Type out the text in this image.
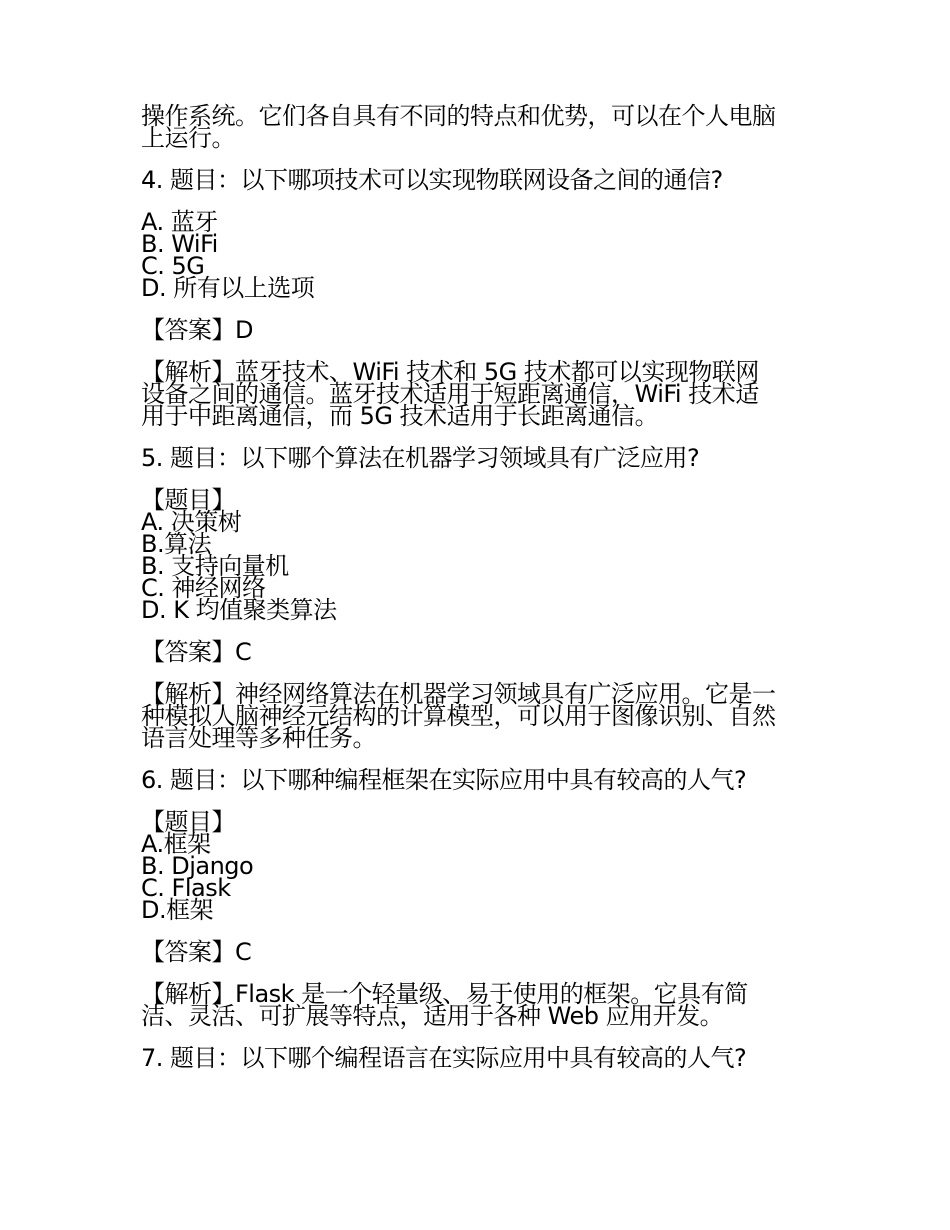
操作系统。它们各自具有不同的特点和优势，可以在个人电脑
上运行。
4. 题目：以下哪项技术可以实现物联网设备之间的通信?
A. 蓝牙
B. WiFi
C. 5G
D. 所有以上选项
【答案】D
【解析】蓝牙技术、WiFi 技术和 5G 技术都可以实现物联网
设备之间的通信。蓝牙技术适用于短距离通信，WiFi 技术适
用于中距离通信，而 5G 技术适用于长距离通信。
5. 题目：以下哪个算法在机器学习领域具有广泛应用?
【题目】
A. 决策树
B.算法
B. 支持向量机
C. 神经网络
D. K 均值聚类算法
【答案】C
【解析】神经网络算法在机器学习领域具有广泛应用。它是一
种模拟人脑神经元结构的计算模型，可以用于图像识别、自然
语言处理等多种任务。
6. 题目：以下哪种编程框架在实际应用中具有较高的人气?
【题目】
A.框架
B. Django
C. Flask
D.框架
【答案】C
【解析】Flask 是一个轻量级、易于使用的框架。它具有简
洁、灵活、可扩展等特点，适用于各种 Web 应用开发。
7. 题目：以下哪个编程语言在实际应用中具有较高的人气?
